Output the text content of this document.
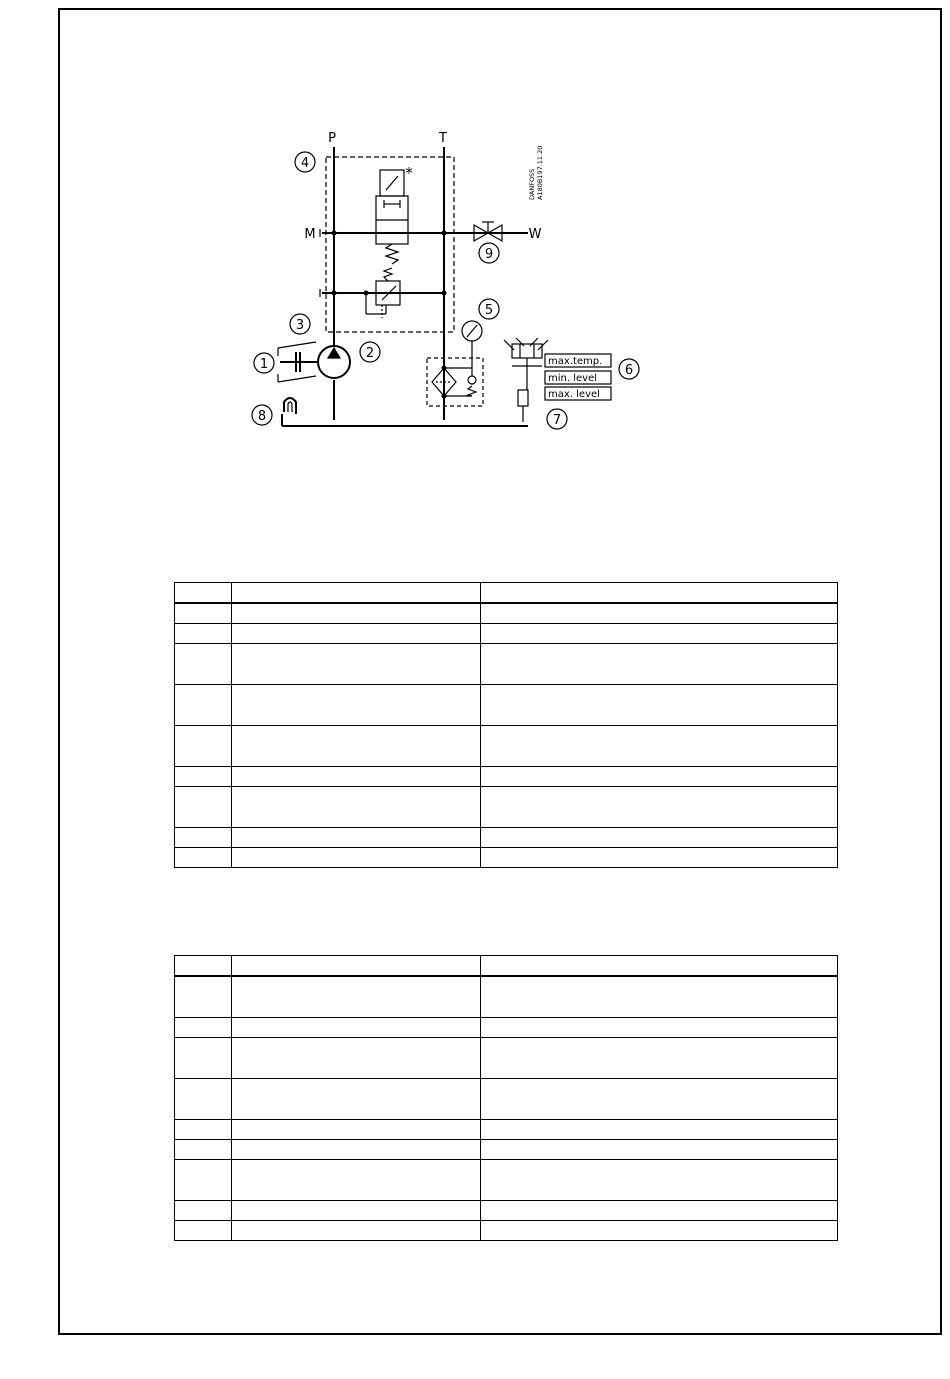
1
2
3
4
5
6
7
8
9
P	T
M	W
*
max.temp.
min. level
max. level
DANFOSS A180B197.11.20
